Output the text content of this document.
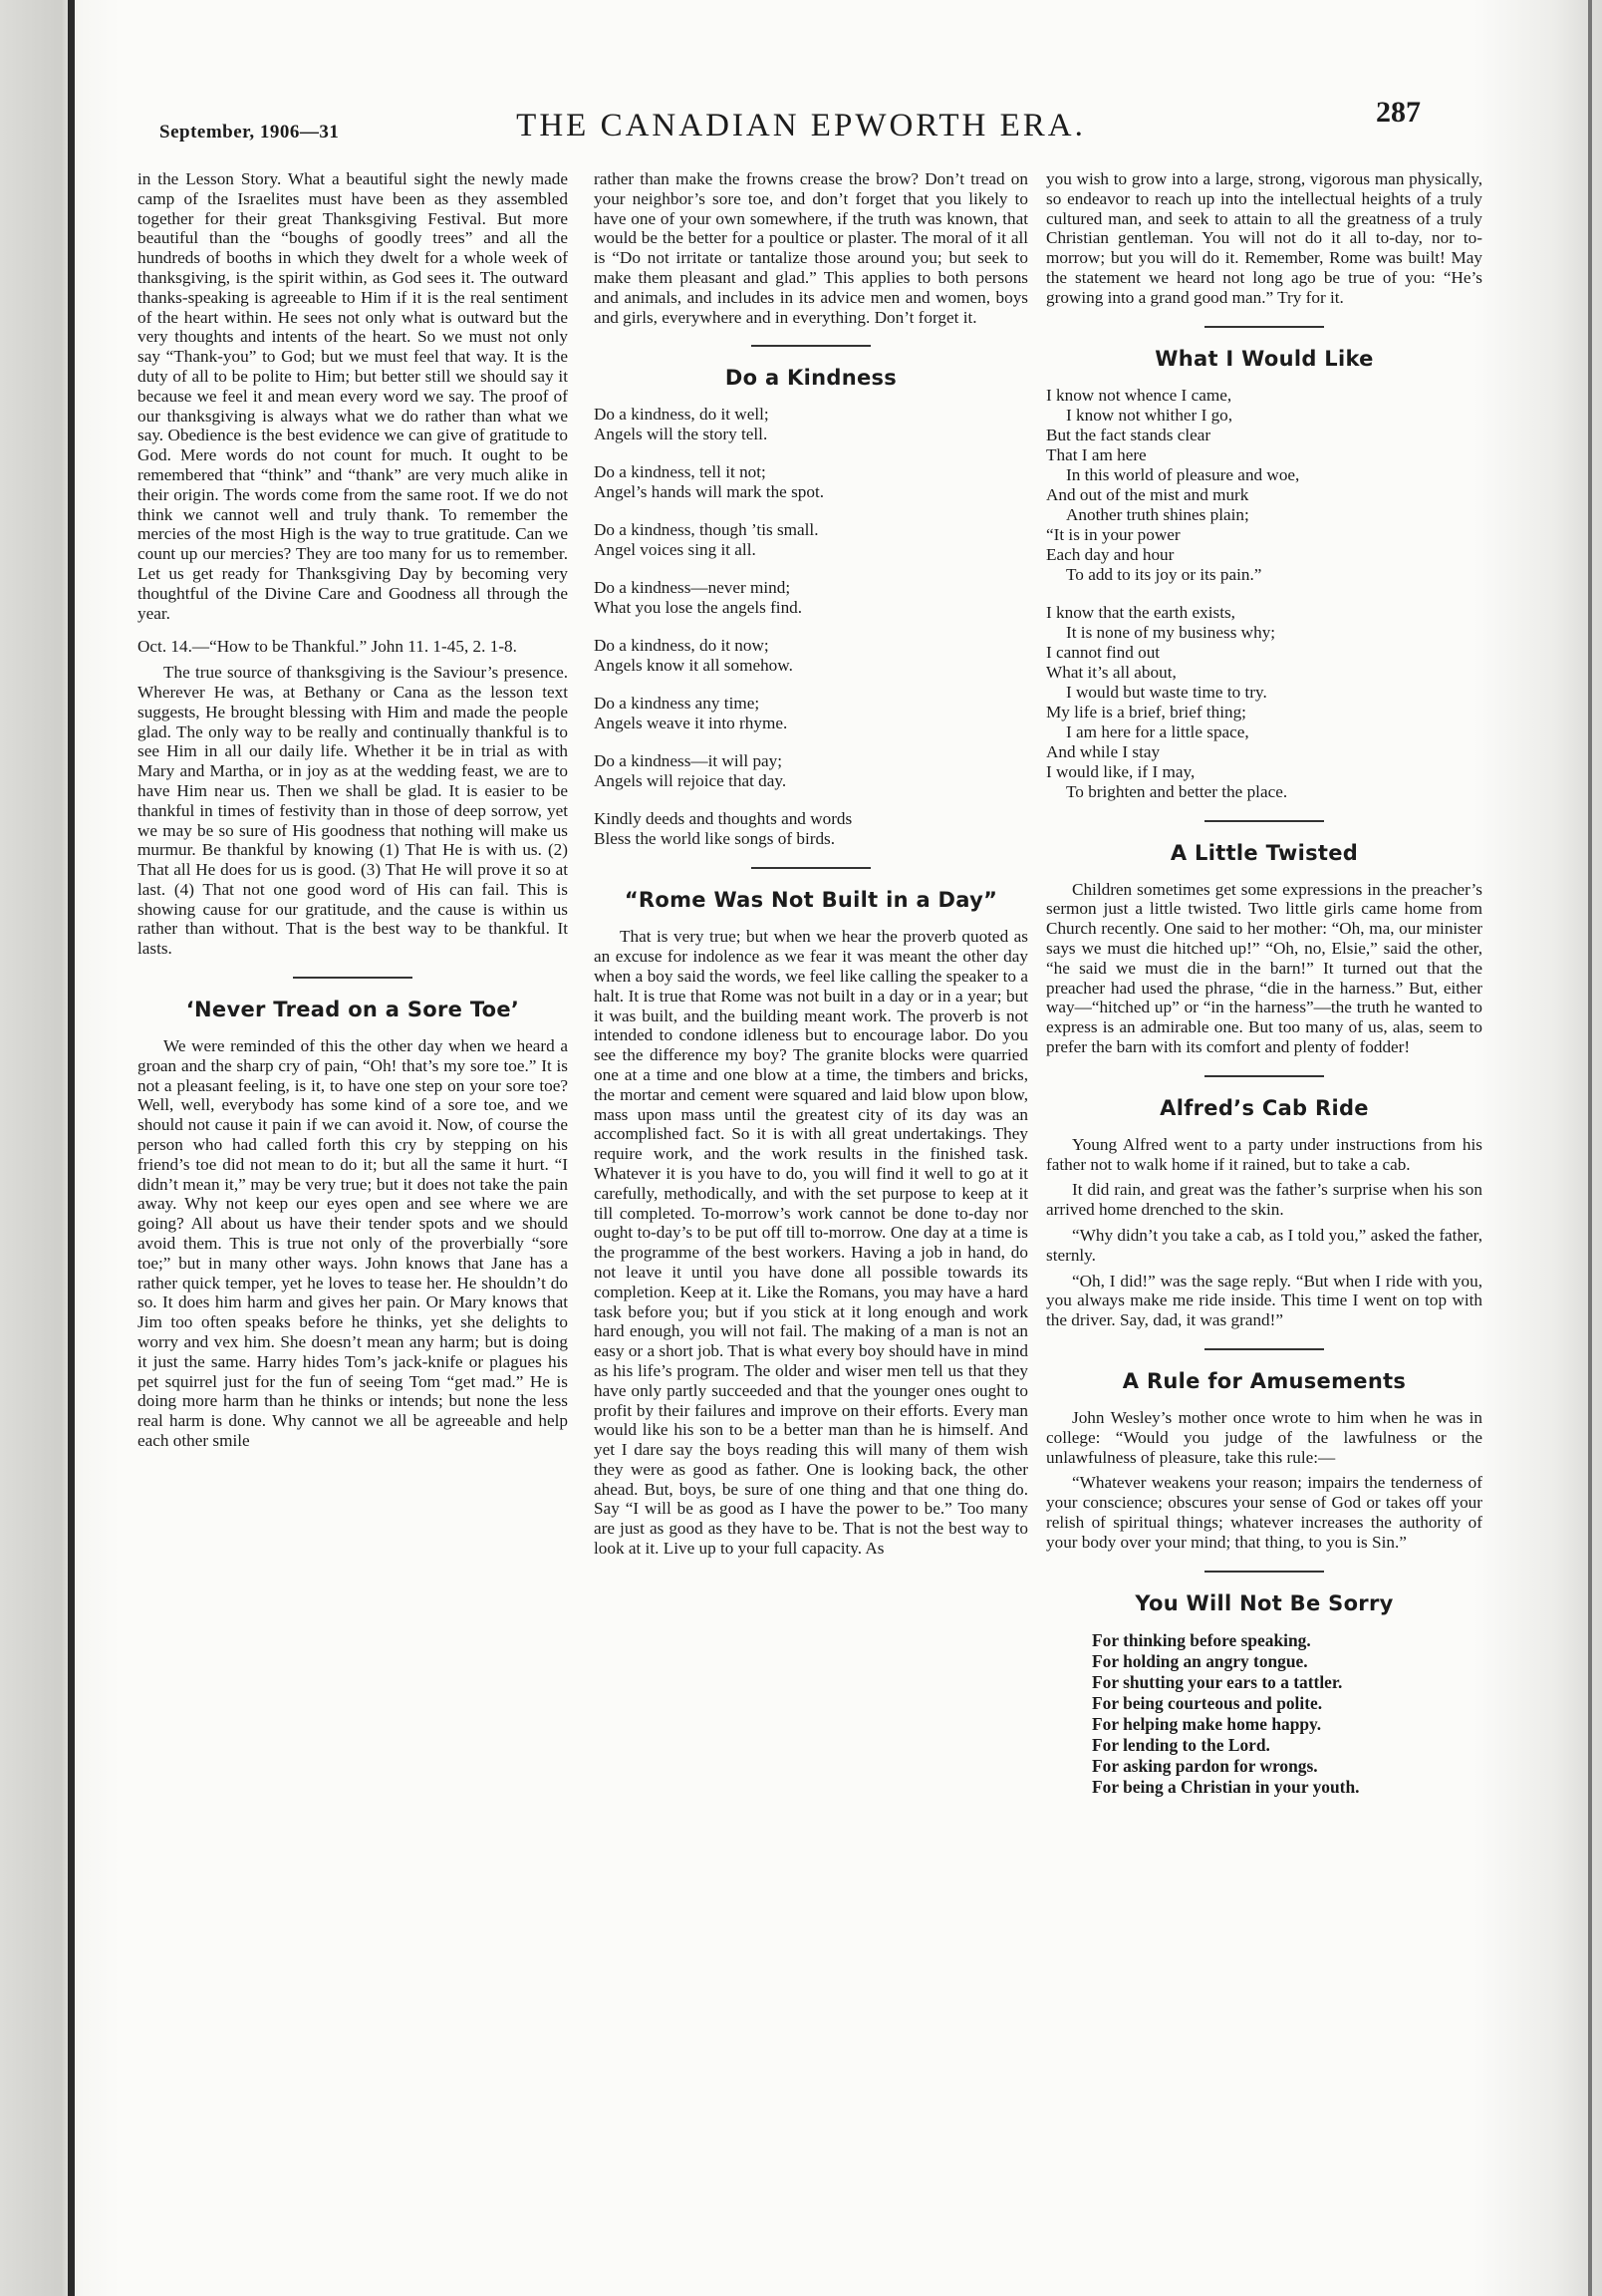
September, 1906—31	THE CANADIAN EPWORTH ERA.	287

in the Lesson Story. What a beautiful sight the newly made camp of the Israelites must have been as they assembled together for their great Thanksgiving Festival. But more beautiful than the “boughs of goodly trees” and all the hundreds of booths in which they dwelt for a whole week of thanksgiving, is the spirit within, as God sees it. The outward thanks-speaking is agreeable to Him if it is the real sentiment of the heart within. He sees not only what is outward but the very thoughts and intents of the heart. So we must not only say “Thank-you” to God; but we must feel that way. It is the duty of all to be polite to Him; but better still we should say it because we feel it and mean every word we say. The proof of our thanksgiving is always what we do rather than what we say. Obedience is the best evidence we can give of gratitude to God. Mere words do not count for much. It ought to be remembered that “think” and “thank” are very much alike in their origin. The words come from the same root. If we do not think we cannot well and truly thank. To remember the mercies of the most High is the way to true gratitude. Can we count up our mercies? They are too many for us to remember. Let us get ready for Thanksgiving Day by becoming very thoughtful of the Divine Care and Goodness all through the year.

Oct. 14.—“How to be Thankful.” John 11. 1-45, 2. 1-8.

The true source of thanksgiving is the Saviour’s presence. Wherever He was, at Bethany or Cana as the lesson text suggests, He brought blessing with Him and made the people glad. The only way to be really and continually thankful is to see Him in all our daily life. Whether it be in trial as with Mary and Martha, or in joy as at the wedding feast, we are to have Him near us. Then we shall be glad. It is easier to be thankful in times of festivity than in those of deep sorrow, yet we may be so sure of His goodness that nothing will make us murmur. Be thankful by knowing (1) That He is with us. (2) That all He does for us is good. (3) That He will prove it so at last. (4) That not one good word of His can fail. This is showing cause for our gratitude, and the cause is within us rather than without. That is the best way to be thankful. It lasts.

‘Never Tread on a Sore Toe’

We were reminded of this the other day when we heard a groan and the sharp cry of pain, “Oh! that’s my sore toe.” It is not a pleasant feeling, is it, to have one step on your sore toe? Well, well, everybody has some kind of a sore toe, and we should not cause it pain if we can avoid it. Now, of course the person who had called forth this cry by stepping on his friend’s toe did not mean to do it; but all the same it hurt. “I didn’t mean it,” may be very true; but it does not take the pain away. Why not keep our eyes open and see where we are going? All about us have their tender spots and we should avoid them. This is true not only of the proverbially “sore toe;” but in many other ways. John knows that Jane has a rather quick temper, yet he loves to tease her. He shouldn’t do so. It does him harm and gives her pain. Or Mary knows that Jim too often speaks before he thinks, yet she delights to worry and vex him. She doesn’t mean any harm; but is doing it just the same. Harry hides Tom’s jack-knife or plagues his pet squirrel just for the fun of seeing Tom “get mad.” He is doing more harm than he thinks or intends; but none the less real harm is done. Why cannot we all be agreeable and help each other smile

rather than make the frowns crease the brow? Don’t tread on your neighbor’s sore toe, and don’t forget that you likely to have one of your own somewhere, if the truth was known, that would be the better for a poultice or plaster. The moral of it all is “Do not irritate or tantalize those around you; but seek to make them pleasant and glad.” This applies to both persons and animals, and includes in its advice men and women, boys and girls, everywhere and in everything. Don’t forget it.

Do a Kindness
Do a kindness, do it well;
Angels will the story tell.
Do a kindness, tell it not;
Angel’s hands will mark the spot.
Do a kindness, though ’tis small.
Angel voices sing it all.
Do a kindness—never mind;
What you lose the angels find.
Do a kindness, do it now;
Angels know it all somehow.
Do a kindness any time;
Angels weave it into rhyme.
Do a kindness—it will pay;
Angels will rejoice that day.
Kindly deeds and thoughts and words
Bless the world like songs of birds.
“Rome Was Not Built in a Day”

That is very true; but when we hear the proverb quoted as an excuse for indolence as we fear it was meant the other day when a boy said the words, we feel like calling the speaker to a halt. It is true that Rome was not built in a day or in a year; but it was built, and the building meant work. The proverb is not intended to condone idleness but to encourage labor. Do you see the difference my boy? The granite blocks were quarried one at a time and one blow at a time, the timbers and bricks, the mortar and cement were squared and laid blow upon blow, mass upon mass until the greatest city of its day was an accomplished fact. So it is with all great undertakings. They require work, and the work results in the finished task. Whatever it is you have to do, you will find it well to go at it carefully, methodically, and with the set purpose to keep at it till completed. To-morrow’s work cannot be done to-day nor ought to-day’s to be put off till to-morrow. One day at a time is the programme of the best workers. Having a job in hand, do not leave it until you have done all possible towards its completion. Keep at it. Like the Romans, you may have a hard task before you; but if you stick at it long enough and work hard enough, you will not fail. The making of a man is not an easy or a short job. That is what every boy should have in mind as his life’s program. The older and wiser men tell us that they have only partly succeeded and that the younger ones ought to profit by their failures and improve on their efforts. Every man would like his son to be a better man than he is himself. And yet I dare say the boys reading this will many of them wish they were as good as father. One is looking back, the other ahead. But, boys, be sure of one thing and that one thing do. Say “I will be as good as I have the power to be.” Too many are just as good as they have to be. That is not the best way to look at it. Live up to your full capacity. As

you wish to grow into a large, strong, vigorous man physically, so endeavor to reach up into the intellectual heights of a truly cultured man, and seek to attain to all the greatness of a truly Christian gentleman. You will not do it all to-day, nor to-morrow; but you will do it. Remember, Rome was built! May the statement we heard not long ago be true of you: “He’s growing into a grand good man.” Try for it.

What I Would Like
I know not whence I came,
I know not whither I go,
But the fact stands clear
That I am here
In this world of pleasure and woe,
And out of the mist and murk
Another truth shines plain;
“It is in your power
Each day and hour
To add to its joy or its pain.”
I know that the earth exists,
It is none of my business why;
I cannot find out
What it’s all about,
I would but waste time to try.
My life is a brief, brief thing;
I am here for a little space,
And while I stay
I would like, if I may,
To brighten and better the place.
A Little Twisted

Children sometimes get some expressions in the preacher’s sermon just a little twisted. Two little girls came home from Church recently. One said to her mother: “Oh, ma, our minister says we must die hitched up!” “Oh, no, Elsie,” said the other, “he said we must die in the barn!” It turned out that the preacher had used the phrase, “die in the harness.” But, either way—“hitched up” or “in the harness”—the truth he wanted to express is an admirable one. But too many of us, alas, seem to prefer the barn with its comfort and plenty of fodder!

Alfred’s Cab Ride

Young Alfred went to a party under instructions from his father not to walk home if it rained, but to take a cab.

It did rain, and great was the father’s surprise when his son arrived home drenched to the skin.

“Why didn’t you take a cab, as I told you,” asked the father, sternly.

“Oh, I did!” was the sage reply. “But when I ride with you, you always make me ride inside. This time I went on top with the driver. Say, dad, it was grand!”

A Rule for Amusements

John Wesley’s mother once wrote to him when he was in college: “Would you judge of the lawfulness or the unlawfulness of pleasure, take this rule:—

“Whatever weakens your reason; impairs the tenderness of your conscience; obscures your sense of God or takes off your relish of spiritual things; whatever increases the authority of your body over your mind; that thing, to you is Sin.”

You Will Not Be Sorry
For thinking before speaking.
For holding an angry tongue.
For shutting your ears to a tattler.
For being courteous and polite.
For helping make home happy.
For lending to the Lord.
For asking pardon for wrongs.
For being a Christian in your youth.
